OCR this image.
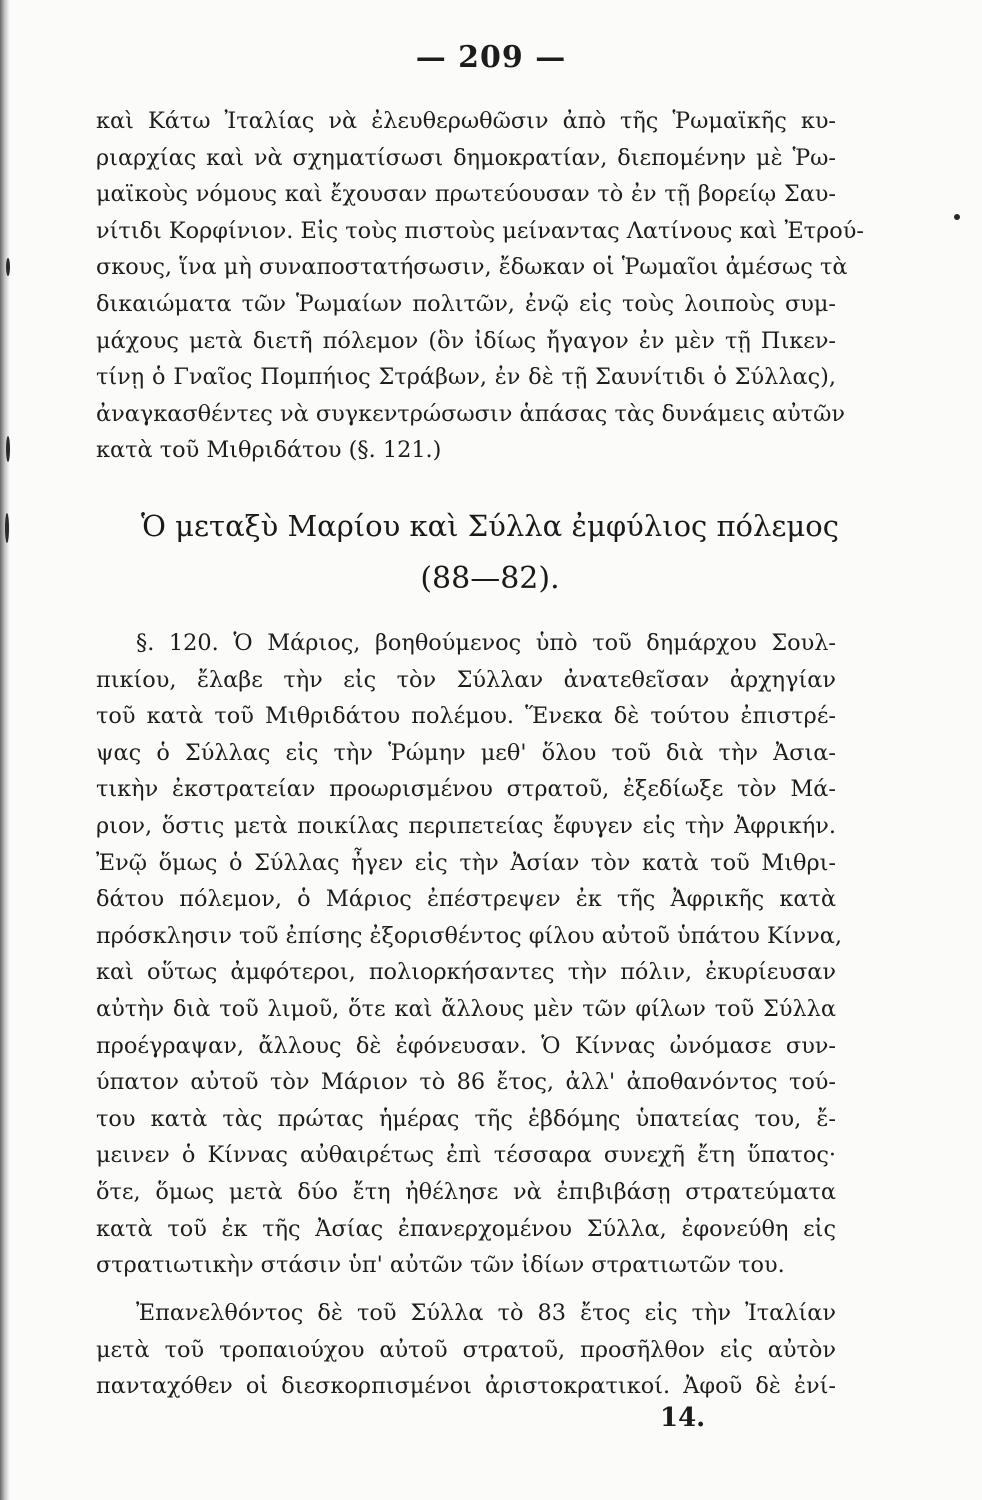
— 209 —
καὶ Κάτω Ἰταλίας νὰ ἐλευθερωθῶσιν ἀπὸ τῆς Ῥωμαϊκῆς κυ-
ριαρχίας καὶ νὰ σχηματίσωσι δημοκρατίαν, διεπομένην μὲ Ῥω-
μαϊκοὺς νόμους καὶ ἔχουσαν πρωτεύουσαν τὸ ἐν τῇ βορείῳ Σαυ-
νίτιδι Κορφίνιον. Εἰς τοὺς πιστοὺς μείναντας Λατίνους καὶ Ἐτρού-
σκους, ἵνα μὴ συναποστατήσωσιν, ἔδωκαν οἱ Ῥωμαῖοι ἀμέσως τὰ
δικαιώματα τῶν Ῥωμαίων πολιτῶν, ἐνῷ εἰς τοὺς λοιποὺς συμ-
μάχους μετὰ διετῆ πόλεμον (ὃν ἰδίως ἤγαγον ἐν μὲν τῇ Πικεν-
τίνῃ ὁ Γναῖος Πομπήιος Στράβων, ἐν δὲ τῇ Σαυνίτιδι ὁ Σύλλας),
ἀναγκασθέντες νὰ συγκεντρώσωσιν ἁπάσας τὰς δυνάμεις αὐτῶν
κατὰ τοῦ Μιθριδάτου (§. 121.)
Ὁ μεταξὺ Μαρίου καὶ Σύλλα ἐμφύλιος πόλεμος
(88—82).
§. 120. Ὁ Μάριος, βοηθούμενος ὑπὸ τοῦ δημάρχου Σουλ-
πικίου, ἔλαβε τὴν εἰς τὸν Σύλλαν ἀνατεθεῖσαν ἀρχηγίαν
τοῦ κατὰ τοῦ Μιθριδάτου πολέμου. Ἕνεκα δὲ τούτου ἐπιστρέ-
ψας ὁ Σύλλας εἰς τὴν Ῥώμην μεθ' ὅλου τοῦ διὰ τὴν Ἀσια-
τικὴν ἐκστρατείαν προωρισμένου στρατοῦ, ἐξεδίωξε τὸν Μά-
ριον, ὅστις μετὰ ποικίλας περιπετείας ἔφυγεν εἰς τὴν Ἀφρικήν.
Ἐνῷ ὅμως ὁ Σύλλας ἦγεν εἰς τὴν Ἀσίαν τὸν κατὰ τοῦ Μιθρι-
δάτου πόλεμον, ὁ Μάριος ἐπέστρεψεν ἐκ τῆς Ἀφρικῆς κατὰ
πρόσκλησιν τοῦ ἐπίσης ἐξορισθέντος φίλου αὐτοῦ ὑπάτου Κίννα,
καὶ οὕτως ἀμφότεροι, πολιορκήσαντες τὴν πόλιν, ἐκυρίευσαν
αὐτὴν διὰ τοῦ λιμοῦ, ὅτε καὶ ἄλλους μὲν τῶν φίλων τοῦ Σύλλα
προέγραψαν, ἄλλους δὲ ἐφόνευσαν. Ὁ Κίννας ὠνόμασε συν-
ύπατον αὐτοῦ τὸν Μάριον τὸ 86 ἔτος, ἀλλ' ἀποθανόντος τού-
του κατὰ τὰς πρώτας ἡμέρας τῆς ἑβδόμης ὑπατείας του, ἔ-
μεινεν ὁ Κίννας αὐθαιρέτως ἐπὶ τέσσαρα συνεχῆ ἔτη ὕπατος·
ὅτε, ὅμως μετὰ δύο ἔτη ἠθέλησε νὰ ἐπιβιβάσῃ στρατεύματα
κατὰ τοῦ ἐκ τῆς Ἀσίας ἐπανερχομένου Σύλλα, ἐφονεύθη εἰς
στρατιωτικὴν στάσιν ὑπ' αὐτῶν τῶν ἰδίων στρατιωτῶν του.
Ἐπανελθόντος δὲ τοῦ Σύλλα τὸ 83 ἔτος εἰς τὴν Ἰταλίαν
μετὰ τοῦ τροπαιούχου αὐτοῦ στρατοῦ, προσῆλθον εἰς αὐτὸν
πανταχόθεν οἱ διεσκορπισμένοι ἀριστοκρατικοί. Ἀφοῦ δὲ ἐνί-
14.
